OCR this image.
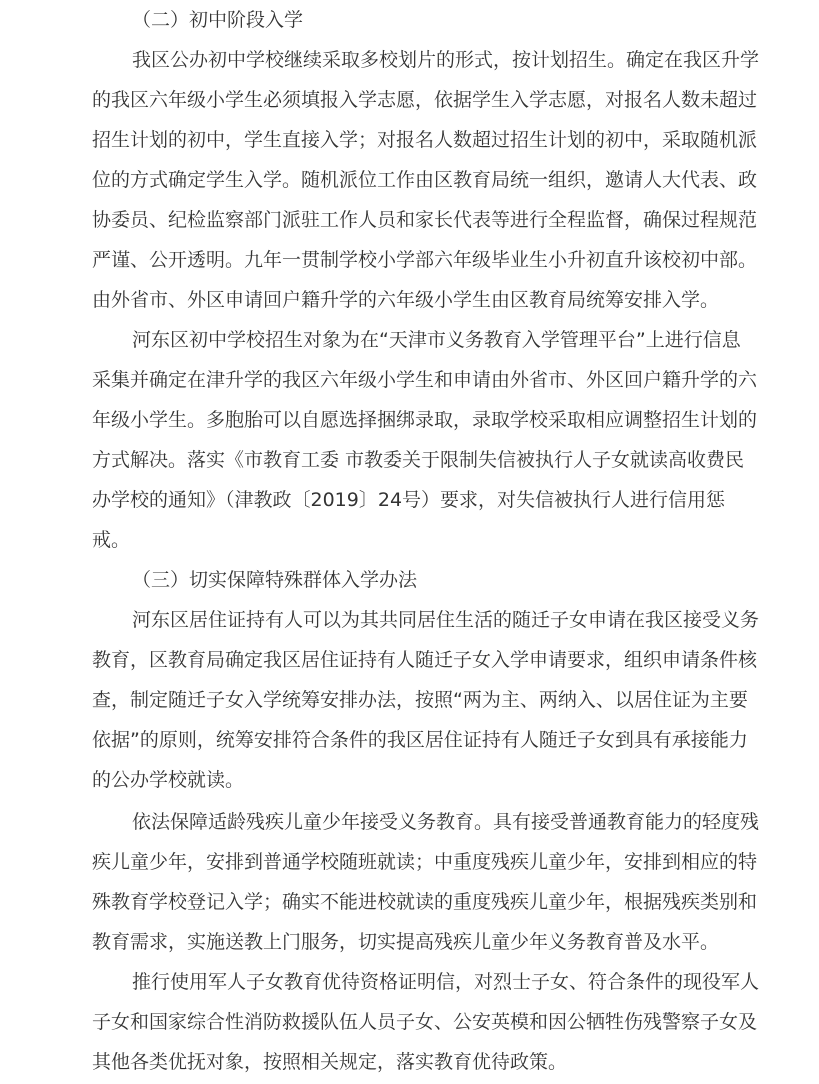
（二）初中阶段入学
我区公办初中学校继续采取多校划片的形式，按计划招生。确定在我区升学
的我区六年级小学生必须填报入学志愿，依据学生入学志愿，对报名人数未超过
招生计划的初中，学生直接入学；对报名人数超过招生计划的初中，采取随机派
位的方式确定学生入学。随机派位工作由区教育局统一组织，邀请人大代表、政
协委员、纪检监察部门派驻工作人员和家长代表等进行全程监督，确保过程规范
严谨、公开透明。九年一贯制学校小学部六年级毕业生小升初直升该校初中部。
由外省市、外区申请回户籍升学的六年级小学生由区教育局统筹安排入学。
河东区初中学校招生对象为在“天津市义务教育入学管理平台”上进行信息
采集并确定在津升学的我区六年级小学生和申请由外省市、外区回户籍升学的六
年级小学生。多胞胎可以自愿选择捆绑录取，录取学校采取相应调整招生计划的
方式解决。落实《市教育工委 市教委关于限制失信被执行人子女就读高收费民
办学校的通知》（津教政〔2019〕24号）要求，对失信被执行人进行信用惩
戒。
（三）切实保障特殊群体入学办法
河东区居住证持有人可以为其共同居住生活的随迁子女申请在我区接受义务
教育，区教育局确定我区居住证持有人随迁子女入学申请要求，组织申请条件核
查，制定随迁子女入学统筹安排办法，按照“两为主、两纳入、以居住证为主要
依据”的原则，统筹安排符合条件的我区居住证持有人随迁子女到具有承接能力
的公办学校就读。
依法保障适龄残疾儿童少年接受义务教育。具有接受普通教育能力的轻度残
疾儿童少年，安排到普通学校随班就读；中重度残疾儿童少年，安排到相应的特
殊教育学校登记入学；确实不能进校就读的重度残疾儿童少年，根据残疾类别和
教育需求，实施送教上门服务，切实提高残疾儿童少年义务教育普及水平。
推行使用军人子女教育优待资格证明信，对烈士子女、符合条件的现役军人
子女和国家综合性消防救援队伍人员子女、公安英模和因公牺牲伤残警察子女及
其他各类优抚对象，按照相关规定，落实教育优待政策。
